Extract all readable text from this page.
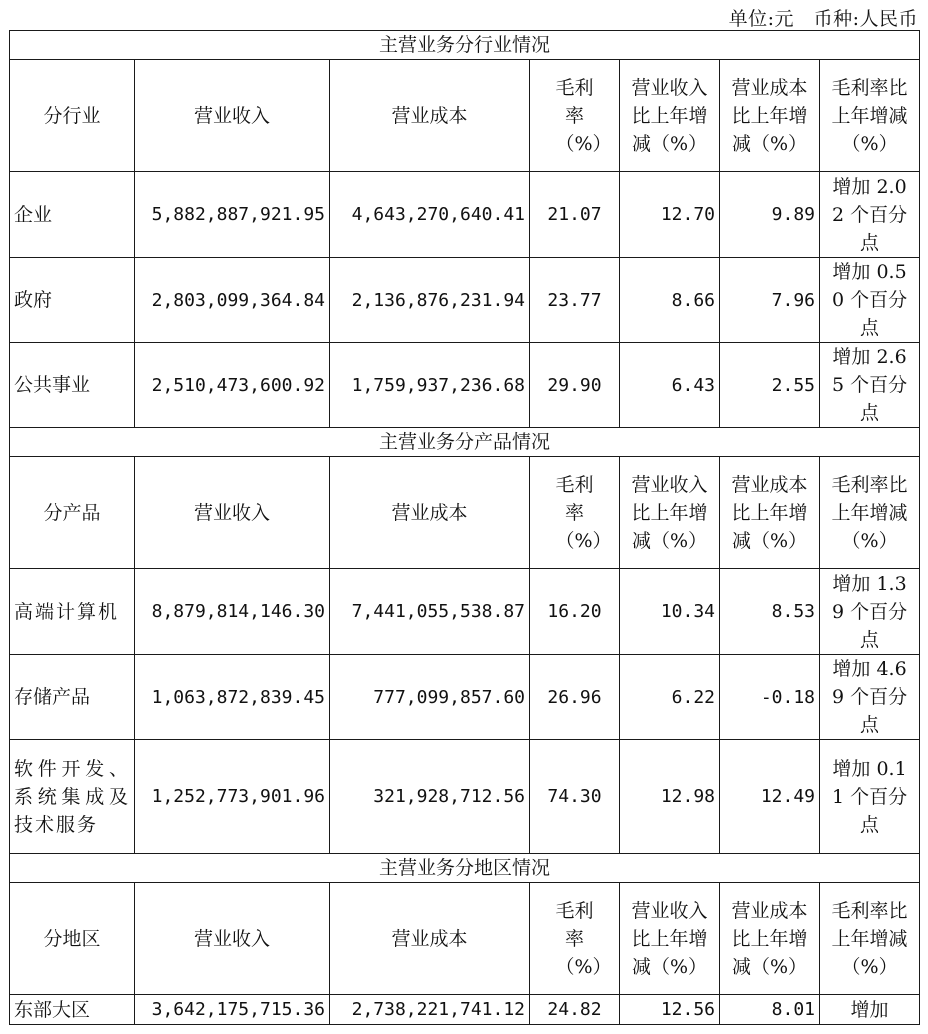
单位:元   币种:人民币
主营业务分行业情况						
分行业	营业收入	营业成本	毛利率（%）	营业收入比上年增减（%）	营业成本比上年增减（%）	毛利率比上年增减（%）

企业	5,882,887,921.95	4,643,270,640.41	21.07	12.70	9.89	增加 2.02 个百分点

政府	2,803,099,364.84	2,136,876,231.94	23.77	8.66	7.96	增加 0.50 个百分点

公共事业	2,510,473,600.92	1,759,937,236.68	29.90	6.43	2.55	增加 2.65 个百分点

主营业务分产品情况						
分产品	营业收入	营业成本	毛利率（%）	营业收入比上年增减（%）	营业成本比上年增减（%）	毛利率比上年增减（%）

高端计算机	8,879,814,146.30	7,441,055,538.87	16.20	10.34	8.53	增加 1.39 个百分点

存储产品	1,063,872,839.45	777,099,857.60	26.96	6.22	-0.18	增加 4.69 个百分点

软件开发、系统集成及技术服务	1,252,773,901.96	321,928,712.56	74.30	12.98	12.49	增加 0.11 个百分点

主营业务分地区情况						
分地区	营业收入	营业成本	毛利率（%）	营业收入比上年增减（%）	营业成本比上年增减（%）	毛利率比上年增减（%）

东部大区	3,642,175,715.36	2,738,221,741.12	24.82	12.56	8.01	增加
